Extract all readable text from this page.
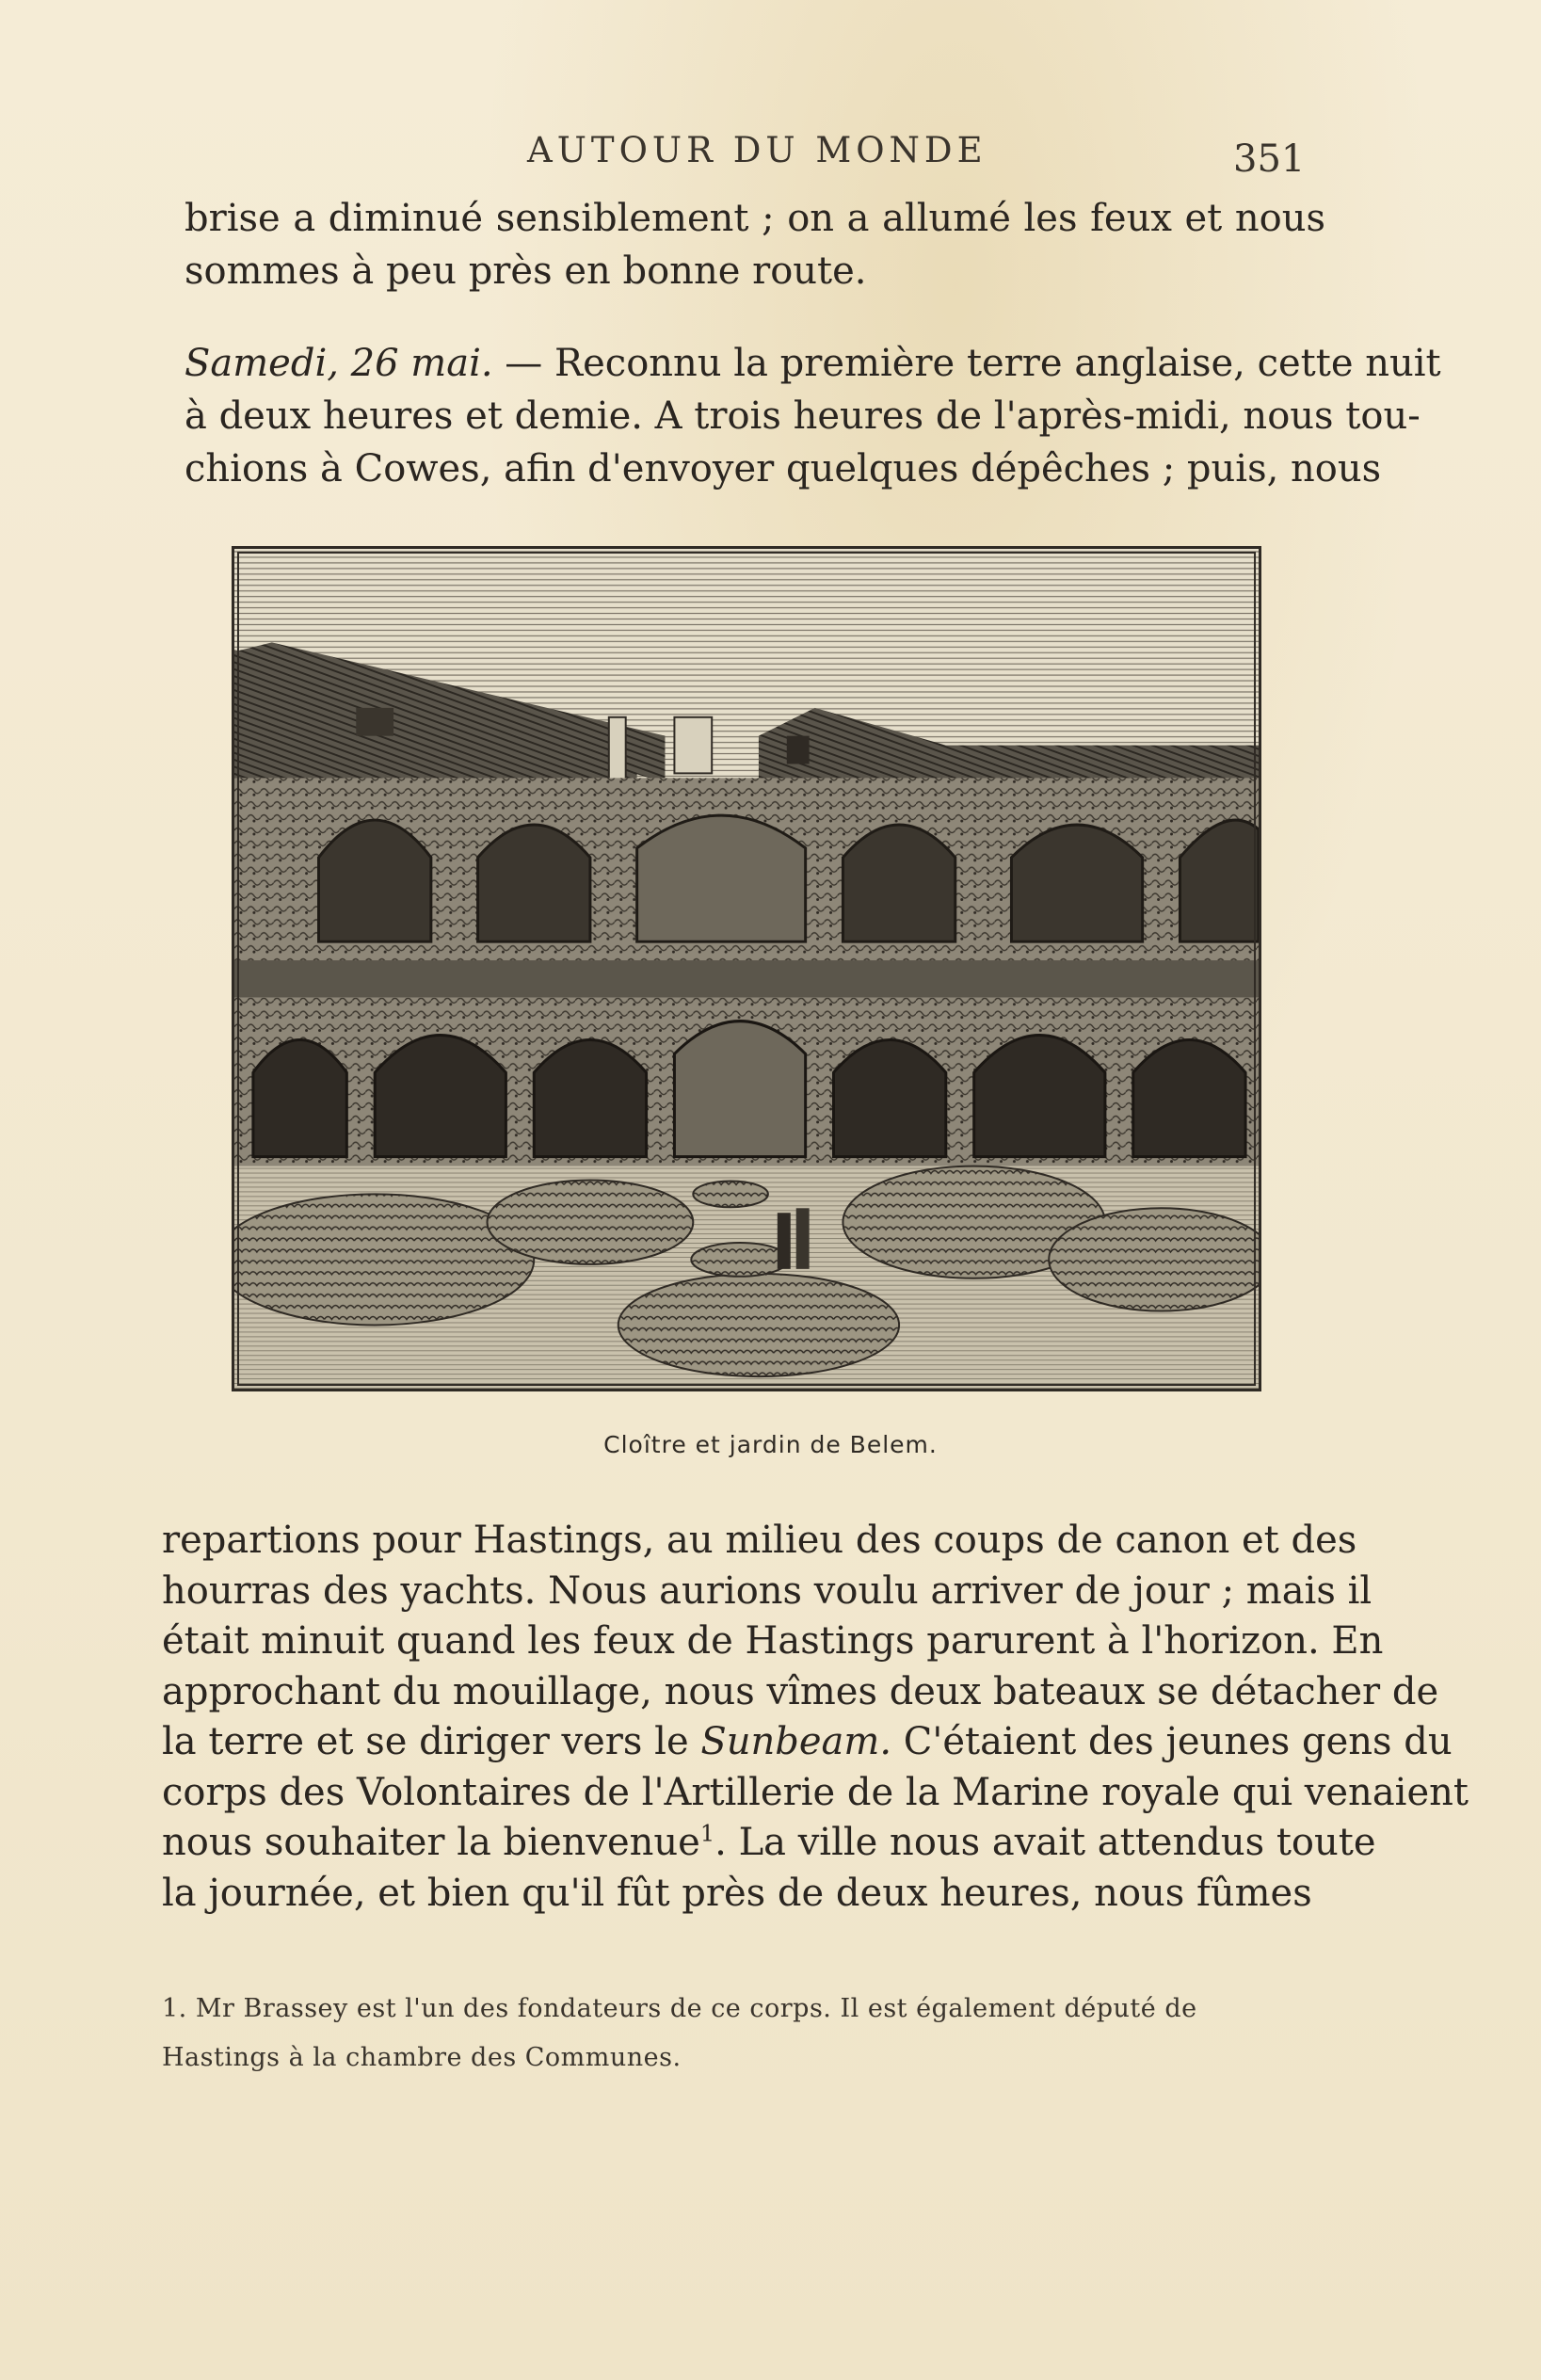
AUTOUR DU MONDE	351

brise a diminué sensiblement ; on a allumé les feux et nous
sommes à peu près en bonne route.

Samedi, 26 mai. — Reconnu la première terre anglaise, cette nuit
à deux heures et demie. A trois heures de l'après-midi, nous tou-
chions à Cowes, afin d'envoyer quelques dépêches ; puis, nous

Cloître et jardin de Belem.

repartions pour Hastings, au milieu des coups de canon et des
hourras des yachts. Nous aurions voulu arriver de jour ; mais il
était minuit quand les feux de Hastings parurent à l'horizon. En
approchant du mouillage, nous vîmes deux bateaux se détacher de
la terre et se diriger vers le Sunbeam. C'étaient des jeunes gens du
corps des Volontaires de l'Artillerie de la Marine royale qui venaient
nous souhaiter la bienvenue$^1$. La ville nous avait attendus toute
la journée, et bien qu'il fût près de deux heures, nous fûmes

1. Mr Brassey est l'un des fondateurs de ce corps. Il est également député de
Hastings à la chambre des Communes.
